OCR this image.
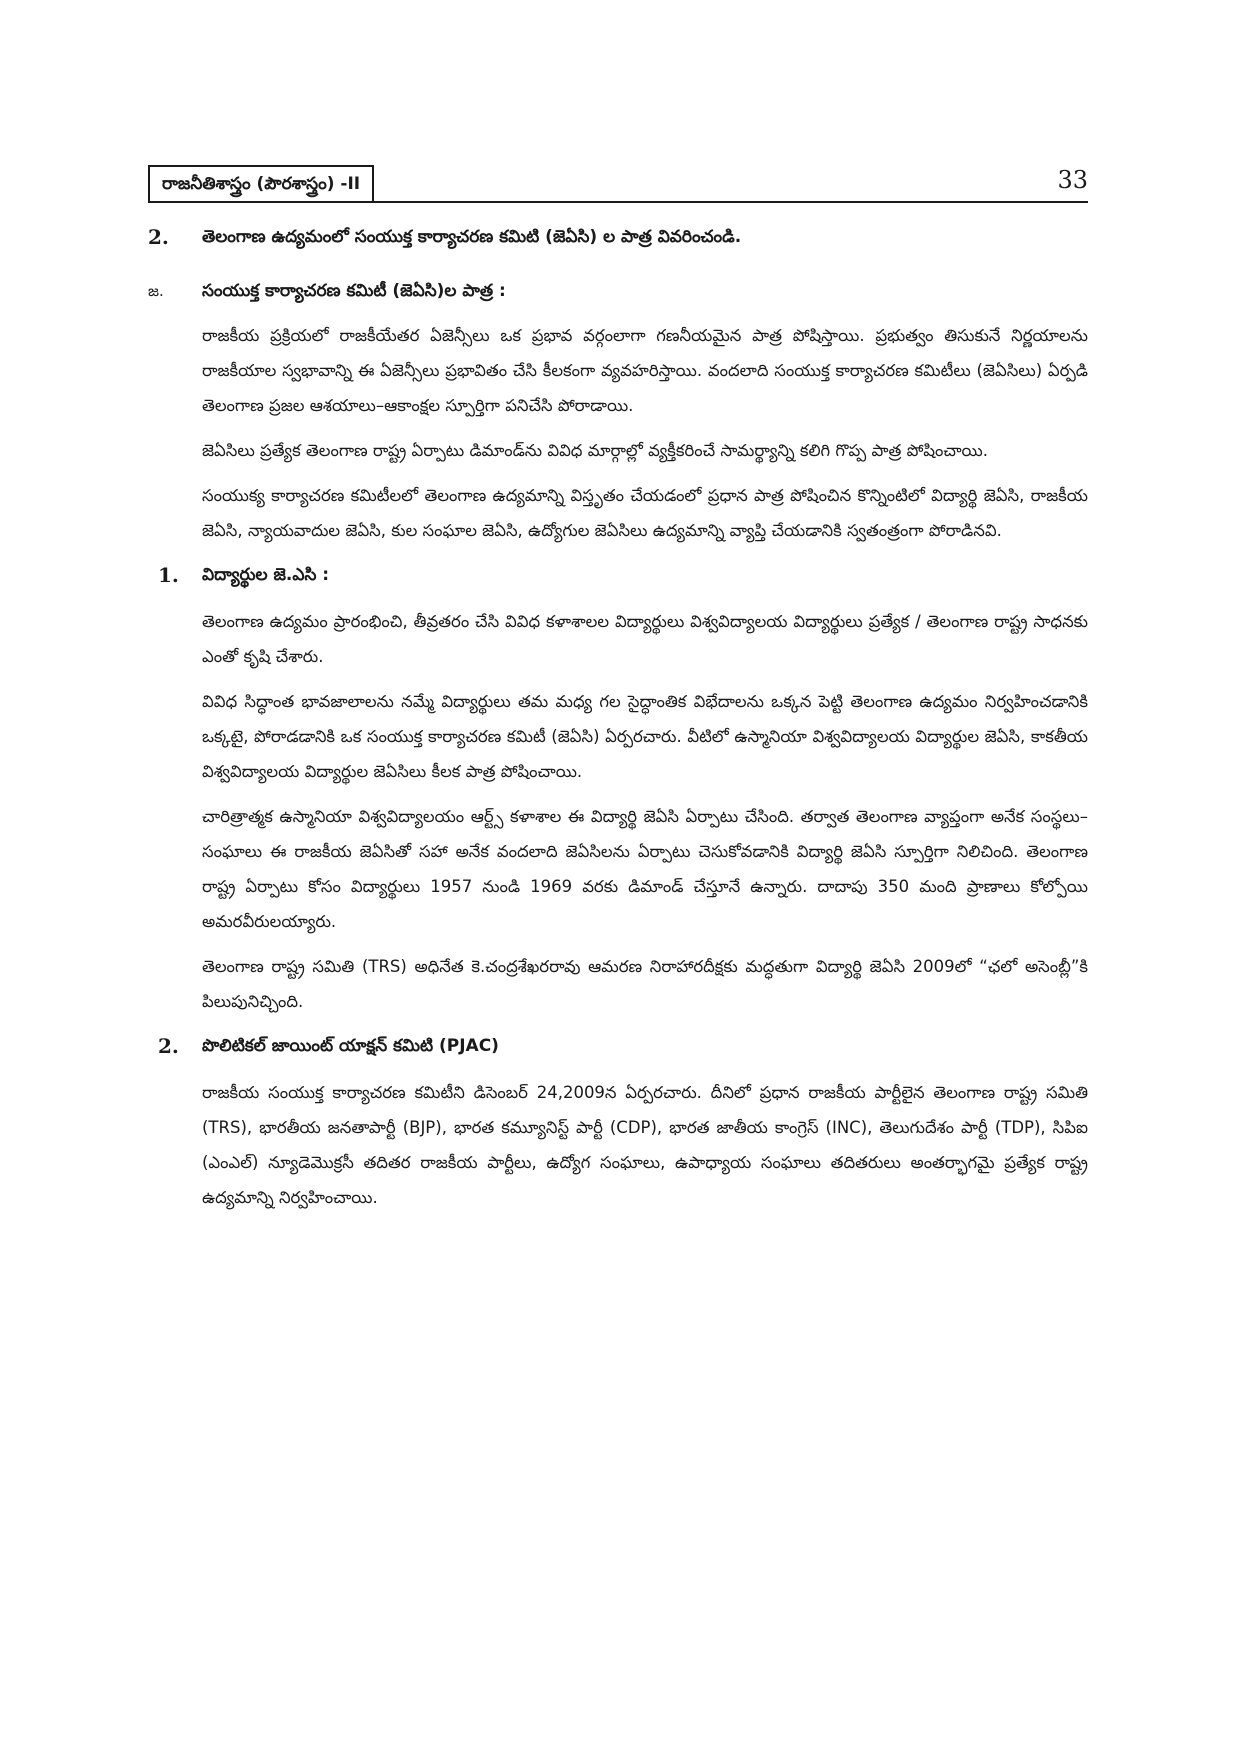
రాజనీతిశాస్త్రం (పౌరశాస్త్రం) -II	33
2.	తెలంగాణ ఉద్యమంలో సంయుక్త కార్యాచరణ కమిటి (జెఏసి) ల పాత్ర వివరించండి.
జ.	సంయుక్త కార్యాచరణ కమిటీ (జెఏసి)ల పాత్ర :

రాజకీయ ప్రక్రియలో రాజకీయేతర ఏజెన్సీలు ఒక ప్రభావ వర్గంలాగా గణనీయమైన పాత్ర పోషిస్తాయి. ప్రభుత్వం తిసుకునే నిర్ణయాలను రాజకీయాల స్వభావాన్ని ఈ ఏజెన్సీలు ప్రభావితం చేసి కీలకంగా వ్యవహరిస్తాయి. వందలాది సంయుక్త కార్యాచరణ కమిటీలు (జెఏసిలు) ఏర్పడి తెలంగాణ ప్రజల ఆశయాలు–ఆకాంక్షల స్పూర్తిగా పనిచేసి పోరాడాయి.

జెఏసిలు ప్రత్యేక తెలంగాణ రాష్ట్ర ఏర్పాటు డిమాండ్‌ను వివిధ మార్గాల్లో వ్యక్తీకరించే సామర్థ్యాన్ని కలిగి గొప్ప పాత్ర పోషించాయి.

సంయుక్య కార్యాచరణ కమిటీలలో తెలంగాణ ఉద్యమాన్ని విస్తృతం చేయడంలో ప్రధాన పాత్ర పోషించిన కొన్నింటిలో విద్యార్థి జెఏసి, రాజకీయ జెఏసి, న్యాయవాదుల జెఏసి, కుల సంఘాల జెఏసి, ఉద్యోగుల జెఏసిలు ఉద్యమాన్ని వ్యాప్తి చేయడానికి స్వతంత్రంగా పోరాడినవి.

1.	విద్యార్థుల జె.ఎసి :

తెలంగాణ ఉద్యమం ప్రారంభించి, తీవ్రతరం చేసి వివిధ కళాశాలల విద్యార్థులు విశ్వవిద్యాలయ విద్యార్థులు ప్రత్యేక / తెలంగాణ రాష్ట్ర సాధనకు ఎంతో కృషి చేశారు.

వివిధ సిద్ధాంత భావజాలాలను నమ్మే విద్యార్థులు తమ మధ్య గల సైద్ధాంతిక విభేదాలను ఒక్కన పెట్టి తెలంగాణ ఉద్యమం నిర్వహించడానికి ఒక్కటై, పోరాడడానికి ఒక సంయుక్త కార్యాచరణ కమిటీ (జెఏసి) ఏర్పరచారు. వీటిలో ఉస్మానియా విశ్వవిద్యాలయ విద్యార్థుల జెఏసి, కాకతీయ విశ్వవిద్యాలయ విద్యార్థుల జెఏసిలు కీలక పాత్ర పోషించాయి.

చారిత్రాత్మక ఉస్మానియా విశ్వవిద్యాలయం ఆర్ట్స్ కళాశాల ఈ విద్యార్థి జెఏసి ఏర్పాటు చేసింది. తర్వాత తెలంగాణ వ్యాప్తంగా అనేక సంస్థలు–సంఘాలు ఈ రాజకీయ జెఏసితో సహా అనేక వందలాది జెఏసిలను ఏర్పాటు చెసుకోవడానికి విద్యార్థి జెఏసి స్పూర్తిగా నిలిచింది. తెలంగాణ రాష్ట్ర ఏర్పాటు కోసం విద్యార్థులు 1957 నుండి 1969 వరకు డిమాండ్ చేస్తూనే ఉన్నారు. దాదాపు 350 మంది ప్రాణాలు కోల్పోయి అమరవీరులయ్యారు.

తెలంగాణ రాష్ట్ర సమితి (TRS) అధినేత కె.చంద్రశేఖరరావు ఆమరణ నిరాహారదీక్షకు మద్ధతుగా విద్యార్థి జెఏసి 2009లో “ఛలో అసెంబ్లీ”కి పిలుపునిచ్చింది.

2.	పొలిటికల్ జాయింట్ యాక్షన్ కమిటి (PJAC)

రాజకీయ సంయుక్త కార్యాచరణ కమిటీని డిసెంబర్ 24,2009న ఏర్పరచారు. దీనిలో ప్రధాన రాజకీయ పార్టీలైన తెలంగాణ రాష్ట్ర సమితి (TRS), భారతీయ జనతాపార్టీ (BJP), భారత కమ్యూనిస్ట్ పార్టీ (CDP), భారత జాతీయ కాంగ్రెస్ (INC), తెలుగుదేశం పార్టీ (TDP), సిపిఐ (ఎంఎల్) న్యూడెమొక్రసీ తదితర రాజకీయ పార్టీలు, ఉద్యోగ సంఘాలు, ఉపాధ్యాయ సంఘాలు తదితరులు అంతర్భాగమై ప్రత్యేక రాష్ట్ర ఉద్యమాన్ని నిర్వహించాయి.
